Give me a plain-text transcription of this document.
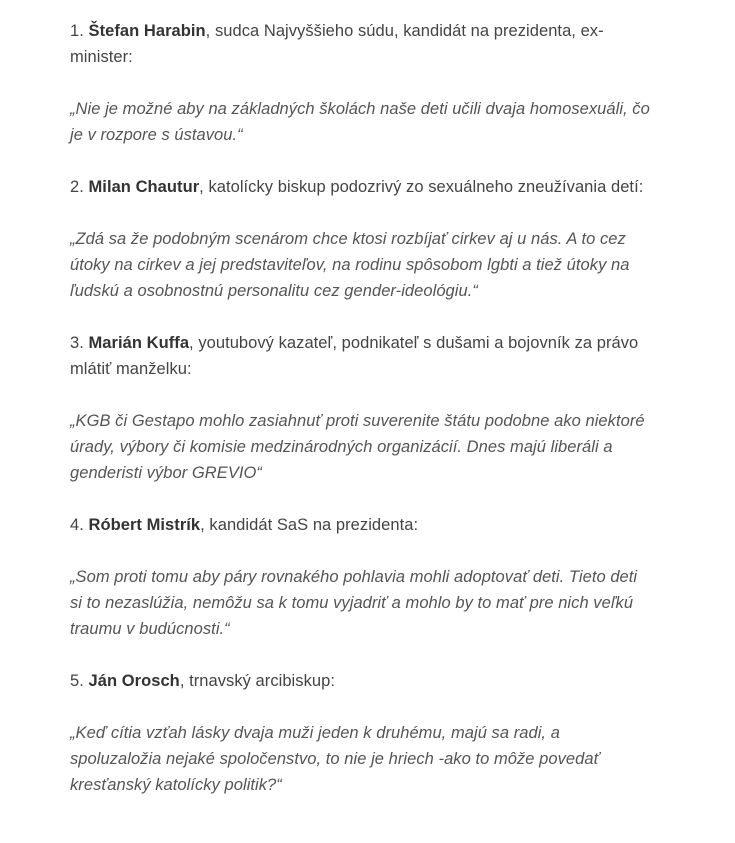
1. Štefan Harabin, sudca Najvyššieho súdu, kandidát na prezidenta, ex-minister:

„Nie je možné aby na základných školách naše deti učili dvaja homosexuáli, čo je v rozpore s ústavou.“

2. Milan Chautur, katolícky biskup podozrivý zo sexuálneho zneužívania detí:

„Zdá sa že podobným scenárom chce ktosi rozbíjať cirkev aj u nás. A to cez útoky na cirkev a jej predstaviteľov, na rodinu spôsobom lgbti a tiež útoky na ľudskú a osobnostnú personalitu cez gender-ideológiu.“

3. Marián Kuffa, youtubový kazateľ, podnikateľ s dušami a bojovník za právo mlátiť manželku:

„KGB či Gestapo mohlo zasiahnuť proti suverenite štátu podobne ako niektoré úrady, výbory či komisie medzinárodných organizácií. Dnes majú liberáli a genderisti výbor GREVIO“

4. Róbert Mistrík, kandidát SaS na prezidenta:

„Som proti tomu aby páry rovnakého pohlavia mohli adoptovať deti. Tieto deti si to nezaslúžia, nemôžu sa k tomu vyjadriť a mohlo by to mať pre nich veľkú traumu v budúcnosti.“

5. Ján Orosch, trnavský arcibiskup:

„Keď cítia vzťah lásky dvaja muži jeden k druhému, majú sa radi, a spoluzaložia nejaké spoločenstvo, to nie je hriech -ako to môže povedať kresťanský katolícky politik?“
